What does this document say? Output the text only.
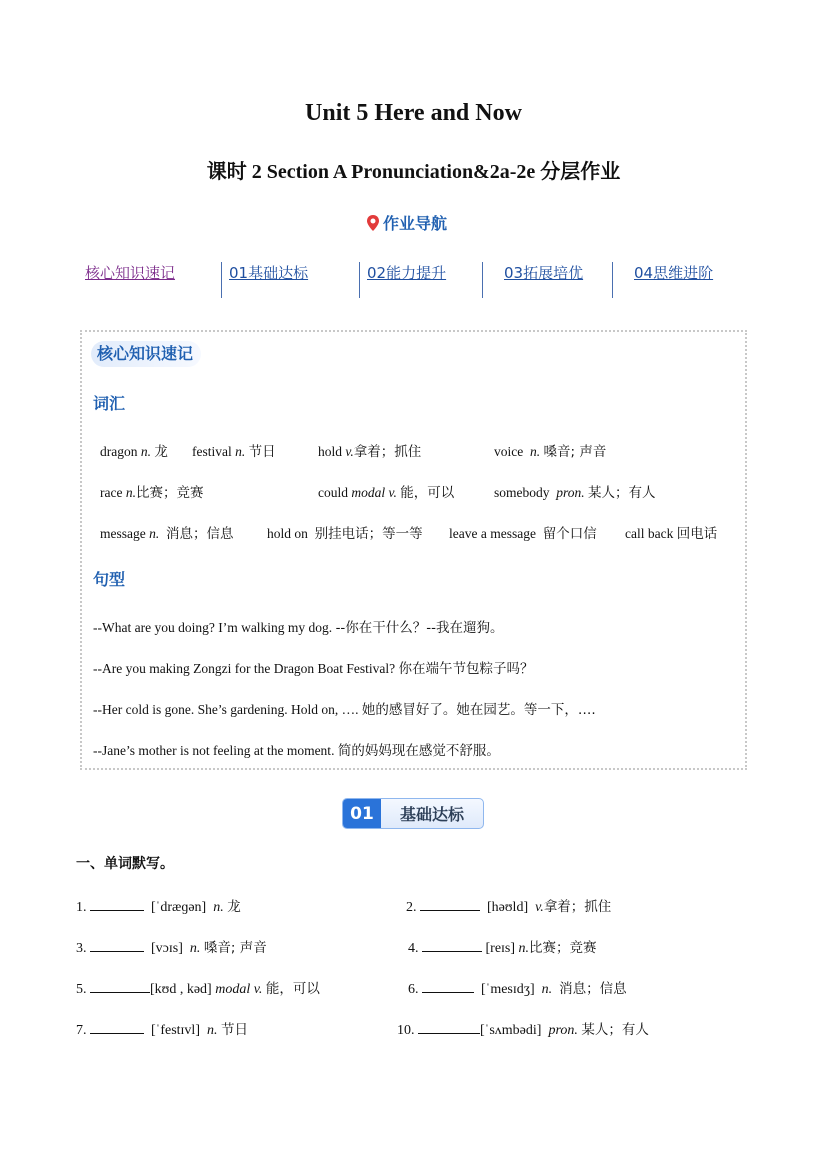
Unit 5 Here and Now
课时 2 Section A Pronunciation&2a-2e 分层作业
作业导航
核心知识速记	01基础达标	02能力提升	03拓展培优	04思维进阶
核心知识速记
词汇
dragon n. 龙 festival n. 节日	hold v.拿着；抓住	voice n. 嗓音; 声音
race n.比赛；竞赛	could modal v. 能，可以	somebody pron. 某人；有人
message n. 消息；信息 hold on 别挂电话；等一等 leave a message 留个口信 call back 回电话
句型
--What are you doing? I’m walking my dog. --你在干什么？--我在遛狗。
--Are you making Zongzi for the Dragon Boat Festival? 你在端午节包粽子吗？
--Her cold is gone. She’s gardening. Hold on, …. 她的感冒好了。她在园艺。等一下，….
--Jane’s mother is not feeling at the moment. 简的妈妈现在感觉不舒服。
01	基础达标
一、单词默写。
1.	[ˈdræɡən] n. 龙	2.	[həʊld] v.拿着；抓住
3.	[vɔɪs] n. 嗓音; 声音	4.	[reɪs] n.比赛；竞赛
5.	[kʊd , kəd] modal v. 能，可以	6.	[ˈmesɪdʒ] n. 消息；信息
7.	[ˈfestɪvl] n. 节日	10.	[ˈsʌmbədi] pron. 某人；有人
